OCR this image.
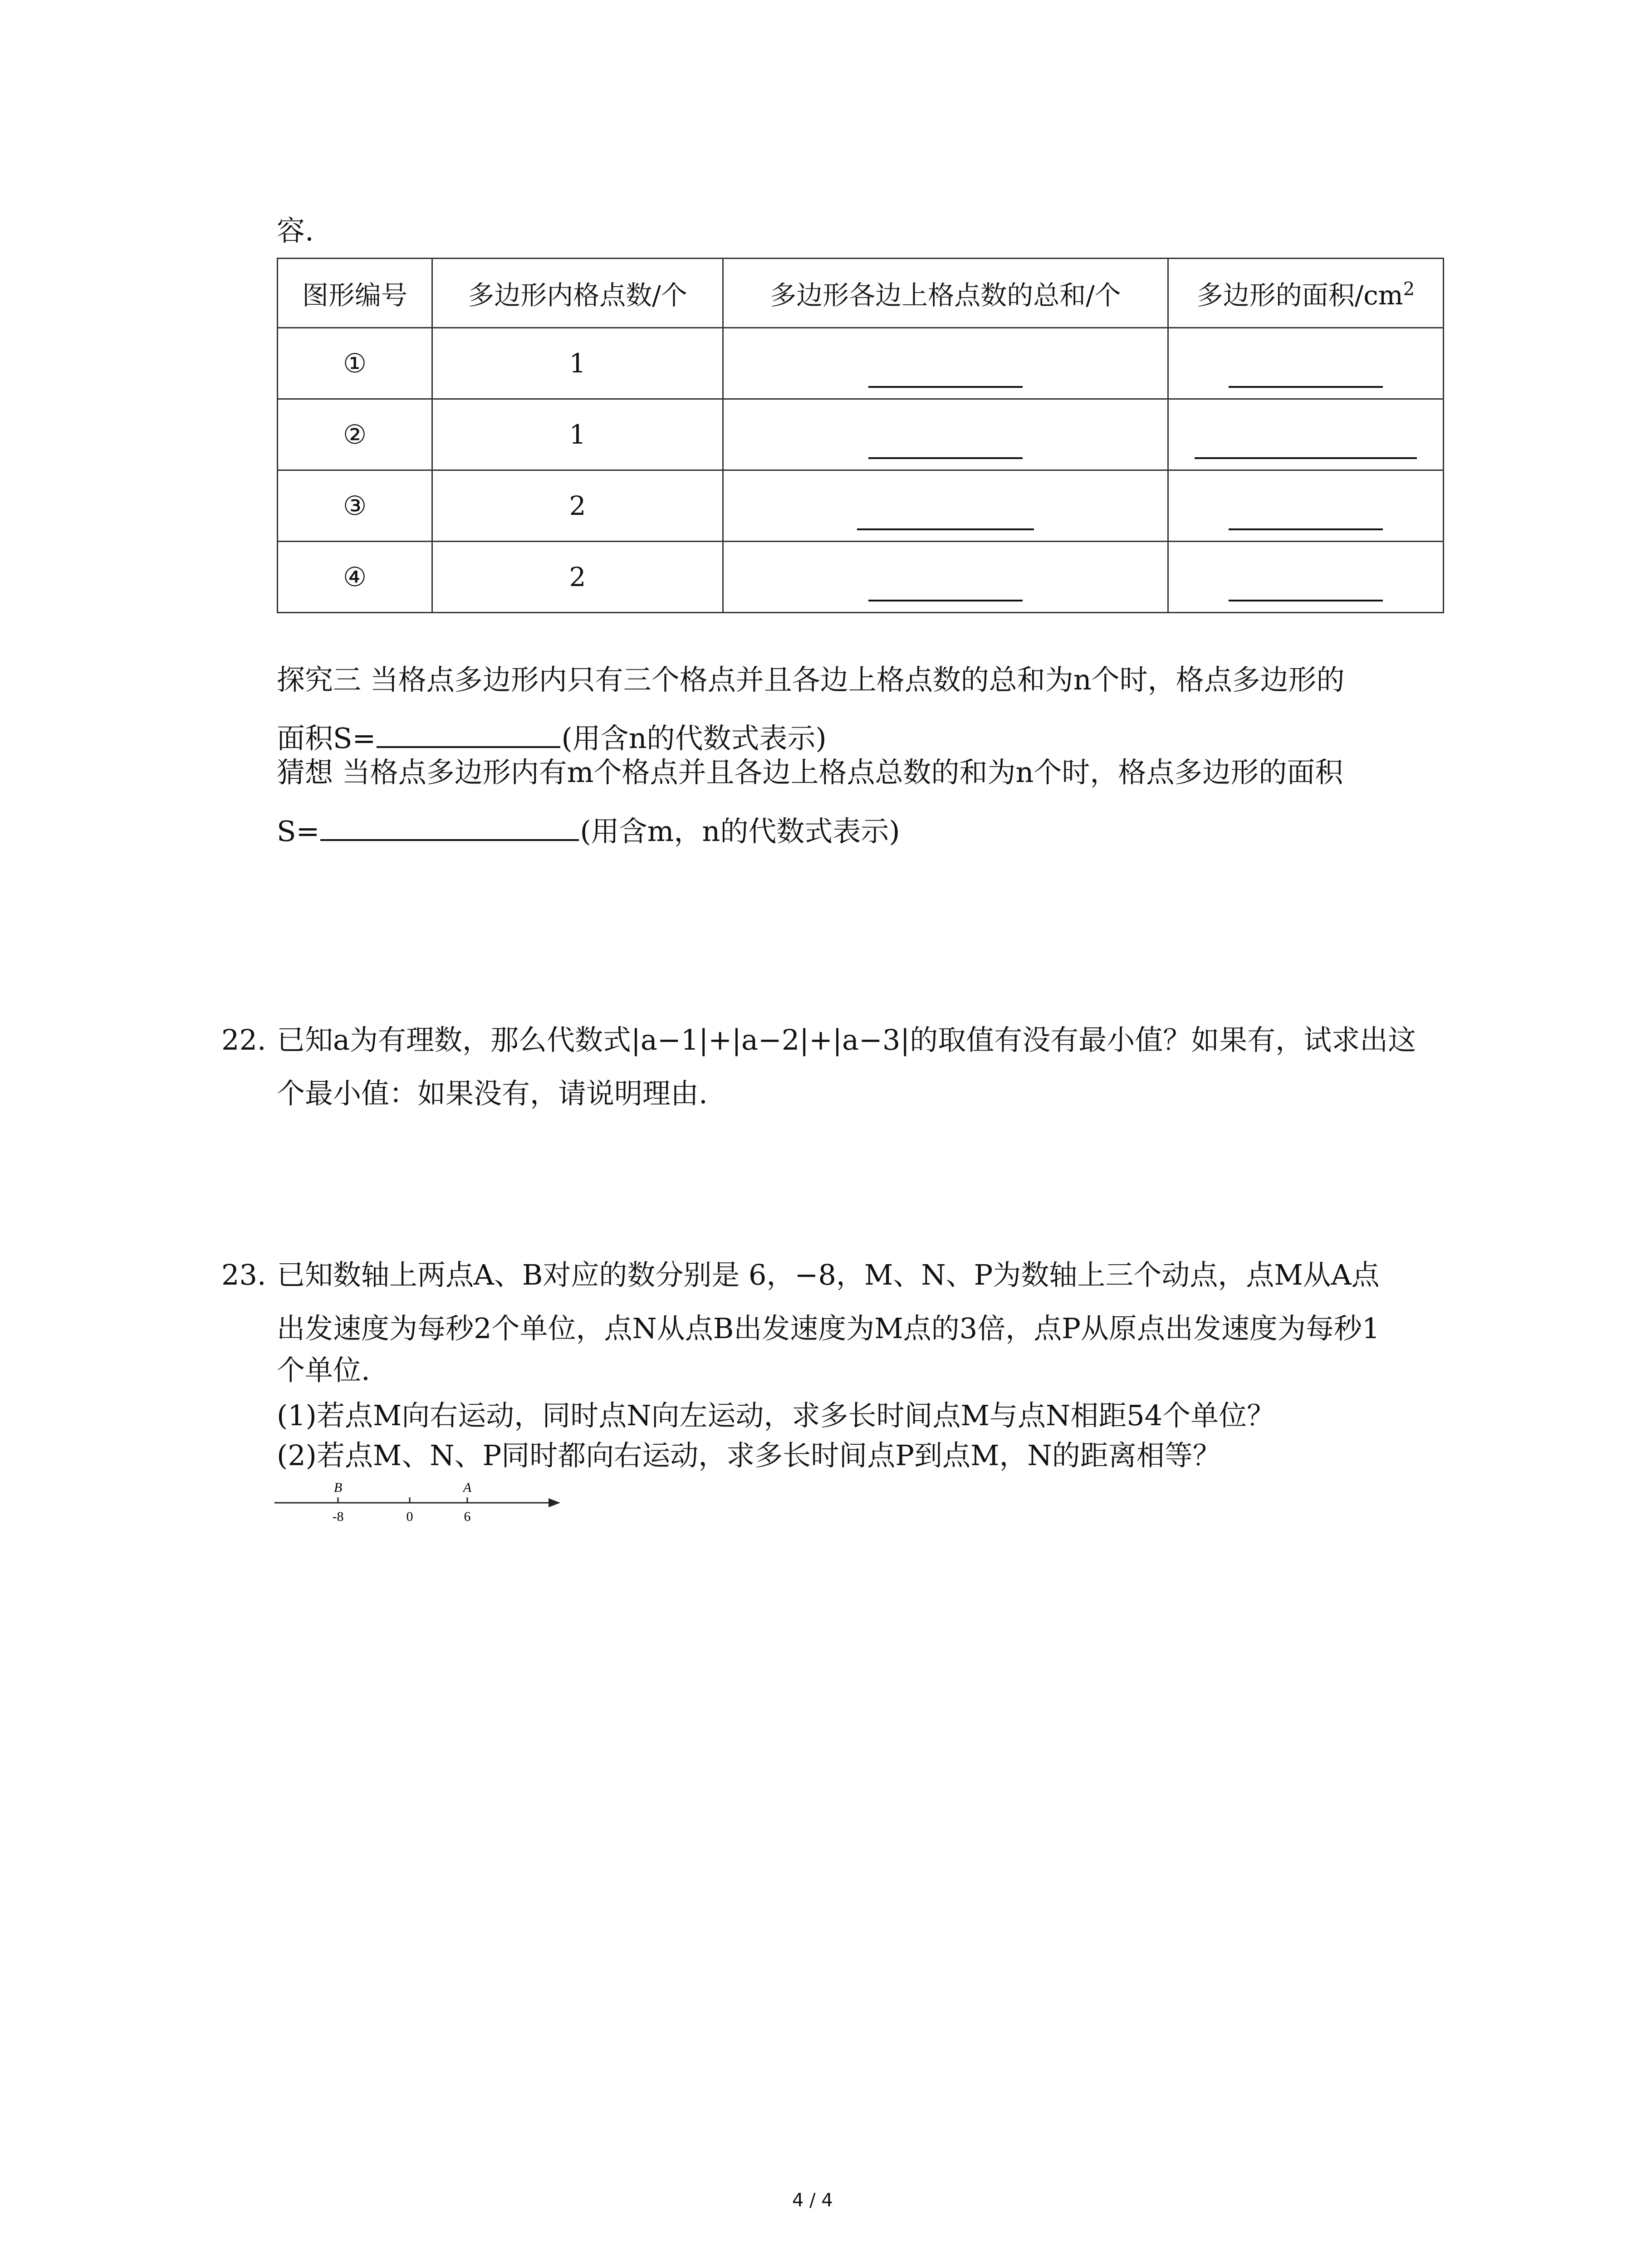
容.
图形编号	多边形内格点数/个	多边形各边上格点数的总和/个	多边形的面积$/cm^2$
①	1		
②	1		
③	2		
④	2		
探究三 当格点多边形内只有三个格点并且各边上格点数的总和为n个时，格点多边形的
面积S=	(用含n的代数式表示)
猜想 当格点多边形内有m个格点并且各边上格点总数的和为n个时，格点多边形的面积
S=	(用含m，n的代数式表示)
22. 已知a为有理数，那么代数式|a−1|+|a−2|+|a−3|的取值有没有最小值？如果有，试求出这
个最小值：如果没有，请说明理由.
23. 已知数轴上两点A、B对应的数分别是 6，−8，M、N、P为数轴上三个动点，点M从A点
出发速度为每秒2个单位，点N从点B出发速度为M点的3倍，点P从原点出发速度为每秒1
个单位.
(1)若点M向右运动，同时点N向左运动，求多长时间点M与点N相距54个单位？
(2)若点M、N、P同时都向右运动，求多长时间点P到点M，N的距离相等？
B	A
-8	0	6
4 / 4
